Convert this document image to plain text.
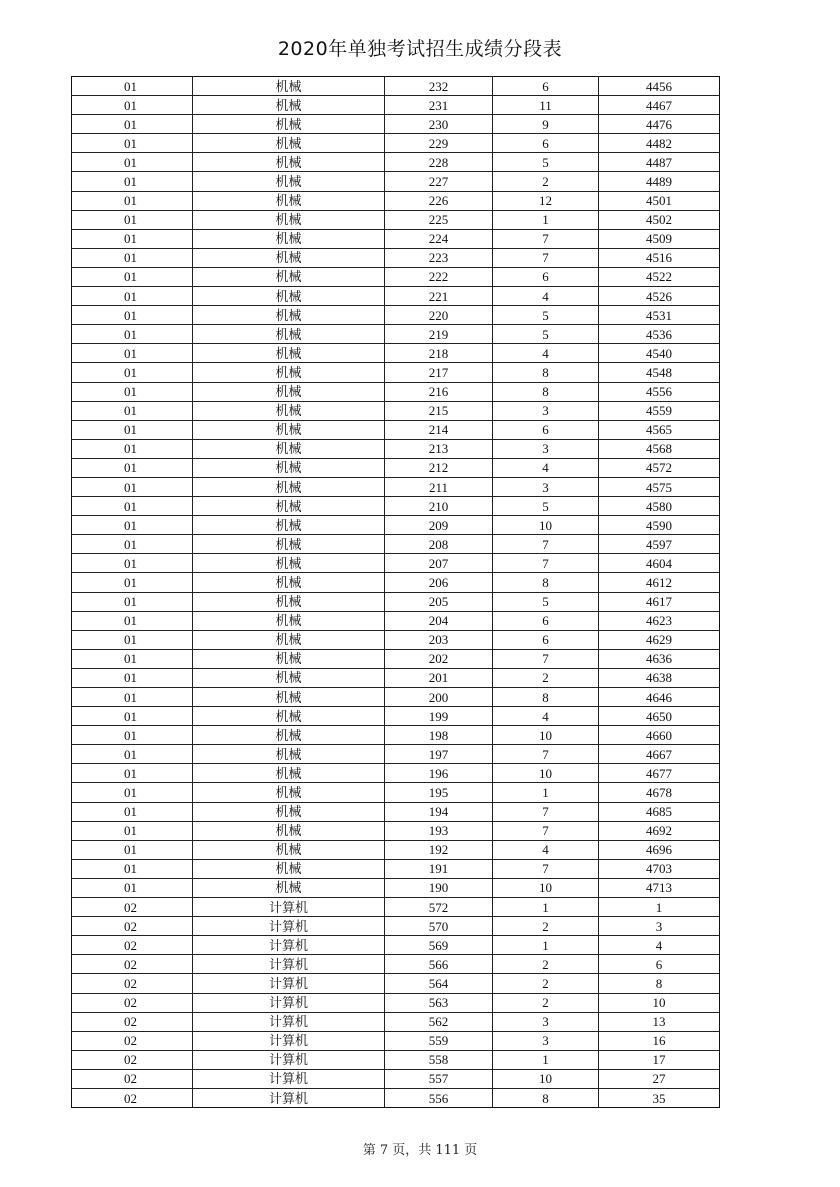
2020年单独考试招生成绩分段表
01	机械	232	6	4456
01	机械	231	11	4467
01	机械	230	9	4476
01	机械	229	6	4482
01	机械	228	5	4487
01	机械	227	2	4489
01	机械	226	12	4501
01	机械	225	1	4502
01	机械	224	7	4509
01	机械	223	7	4516
01	机械	222	6	4522
01	机械	221	4	4526
01	机械	220	5	4531
01	机械	219	5	4536
01	机械	218	4	4540
01	机械	217	8	4548
01	机械	216	8	4556
01	机械	215	3	4559
01	机械	214	6	4565
01	机械	213	3	4568
01	机械	212	4	4572
01	机械	211	3	4575
01	机械	210	5	4580
01	机械	209	10	4590
01	机械	208	7	4597
01	机械	207	7	4604
01	机械	206	8	4612
01	机械	205	5	4617
01	机械	204	6	4623
01	机械	203	6	4629
01	机械	202	7	4636
01	机械	201	2	4638
01	机械	200	8	4646
01	机械	199	4	4650
01	机械	198	10	4660
01	机械	197	7	4667
01	机械	196	10	4677
01	机械	195	1	4678
01	机械	194	7	4685
01	机械	193	7	4692
01	机械	192	4	4696
01	机械	191	7	4703
01	机械	190	10	4713
02	计算机	572	1	1
02	计算机	570	2	3
02	计算机	569	1	4
02	计算机	566	2	6
02	计算机	564	2	8
02	计算机	563	2	10
02	计算机	562	3	13
02	计算机	559	3	16
02	计算机	558	1	17
02	计算机	557	10	27
02	计算机	556	8	35
第 7 页，共 111 页
